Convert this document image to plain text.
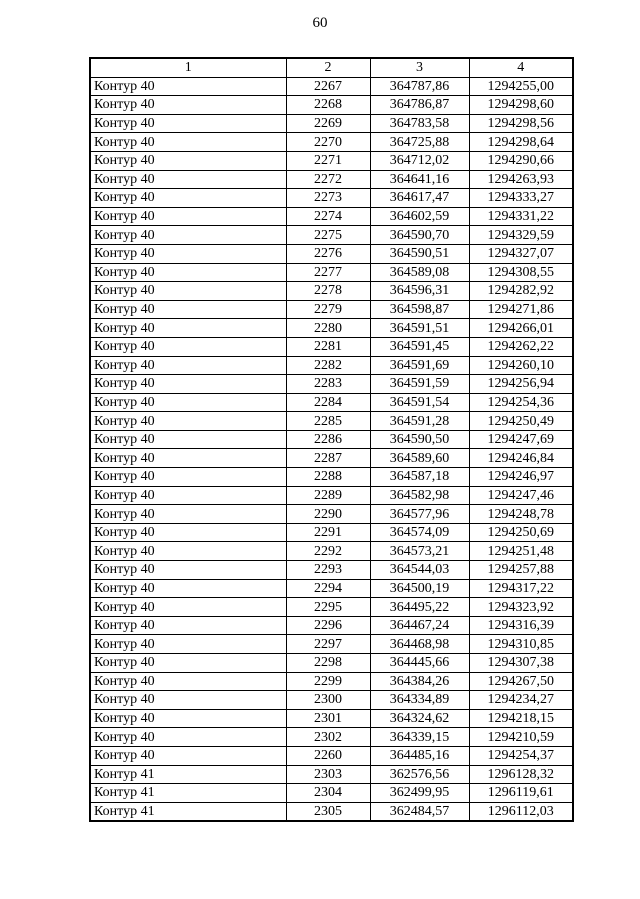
60
1	2	3	4
Контур 40	2267	364787,86	1294255,00
Контур 40	2268	364786,87	1294298,60
Контур 40	2269	364783,58	1294298,56
Контур 40	2270	364725,88	1294298,64
Контур 40	2271	364712,02	1294290,66
Контур 40	2272	364641,16	1294263,93
Контур 40	2273	364617,47	1294333,27
Контур 40	2274	364602,59	1294331,22
Контур 40	2275	364590,70	1294329,59
Контур 40	2276	364590,51	1294327,07
Контур 40	2277	364589,08	1294308,55
Контур 40	2278	364596,31	1294282,92
Контур 40	2279	364598,87	1294271,86
Контур 40	2280	364591,51	1294266,01
Контур 40	2281	364591,45	1294262,22
Контур 40	2282	364591,69	1294260,10
Контур 40	2283	364591,59	1294256,94
Контур 40	2284	364591,54	1294254,36
Контур 40	2285	364591,28	1294250,49
Контур 40	2286	364590,50	1294247,69
Контур 40	2287	364589,60	1294246,84
Контур 40	2288	364587,18	1294246,97
Контур 40	2289	364582,98	1294247,46
Контур 40	2290	364577,96	1294248,78
Контур 40	2291	364574,09	1294250,69
Контур 40	2292	364573,21	1294251,48
Контур 40	2293	364544,03	1294257,88
Контур 40	2294	364500,19	1294317,22
Контур 40	2295	364495,22	1294323,92
Контур 40	2296	364467,24	1294316,39
Контур 40	2297	364468,98	1294310,85
Контур 40	2298	364445,66	1294307,38
Контур 40	2299	364384,26	1294267,50
Контур 40	2300	364334,89	1294234,27
Контур 40	2301	364324,62	1294218,15
Контур 40	2302	364339,15	1294210,59
Контур 40	2260	364485,16	1294254,37
Контур 41	2303	362576,56	1296128,32
Контур 41	2304	362499,95	1296119,61
Контур 41	2305	362484,57	1296112,03
